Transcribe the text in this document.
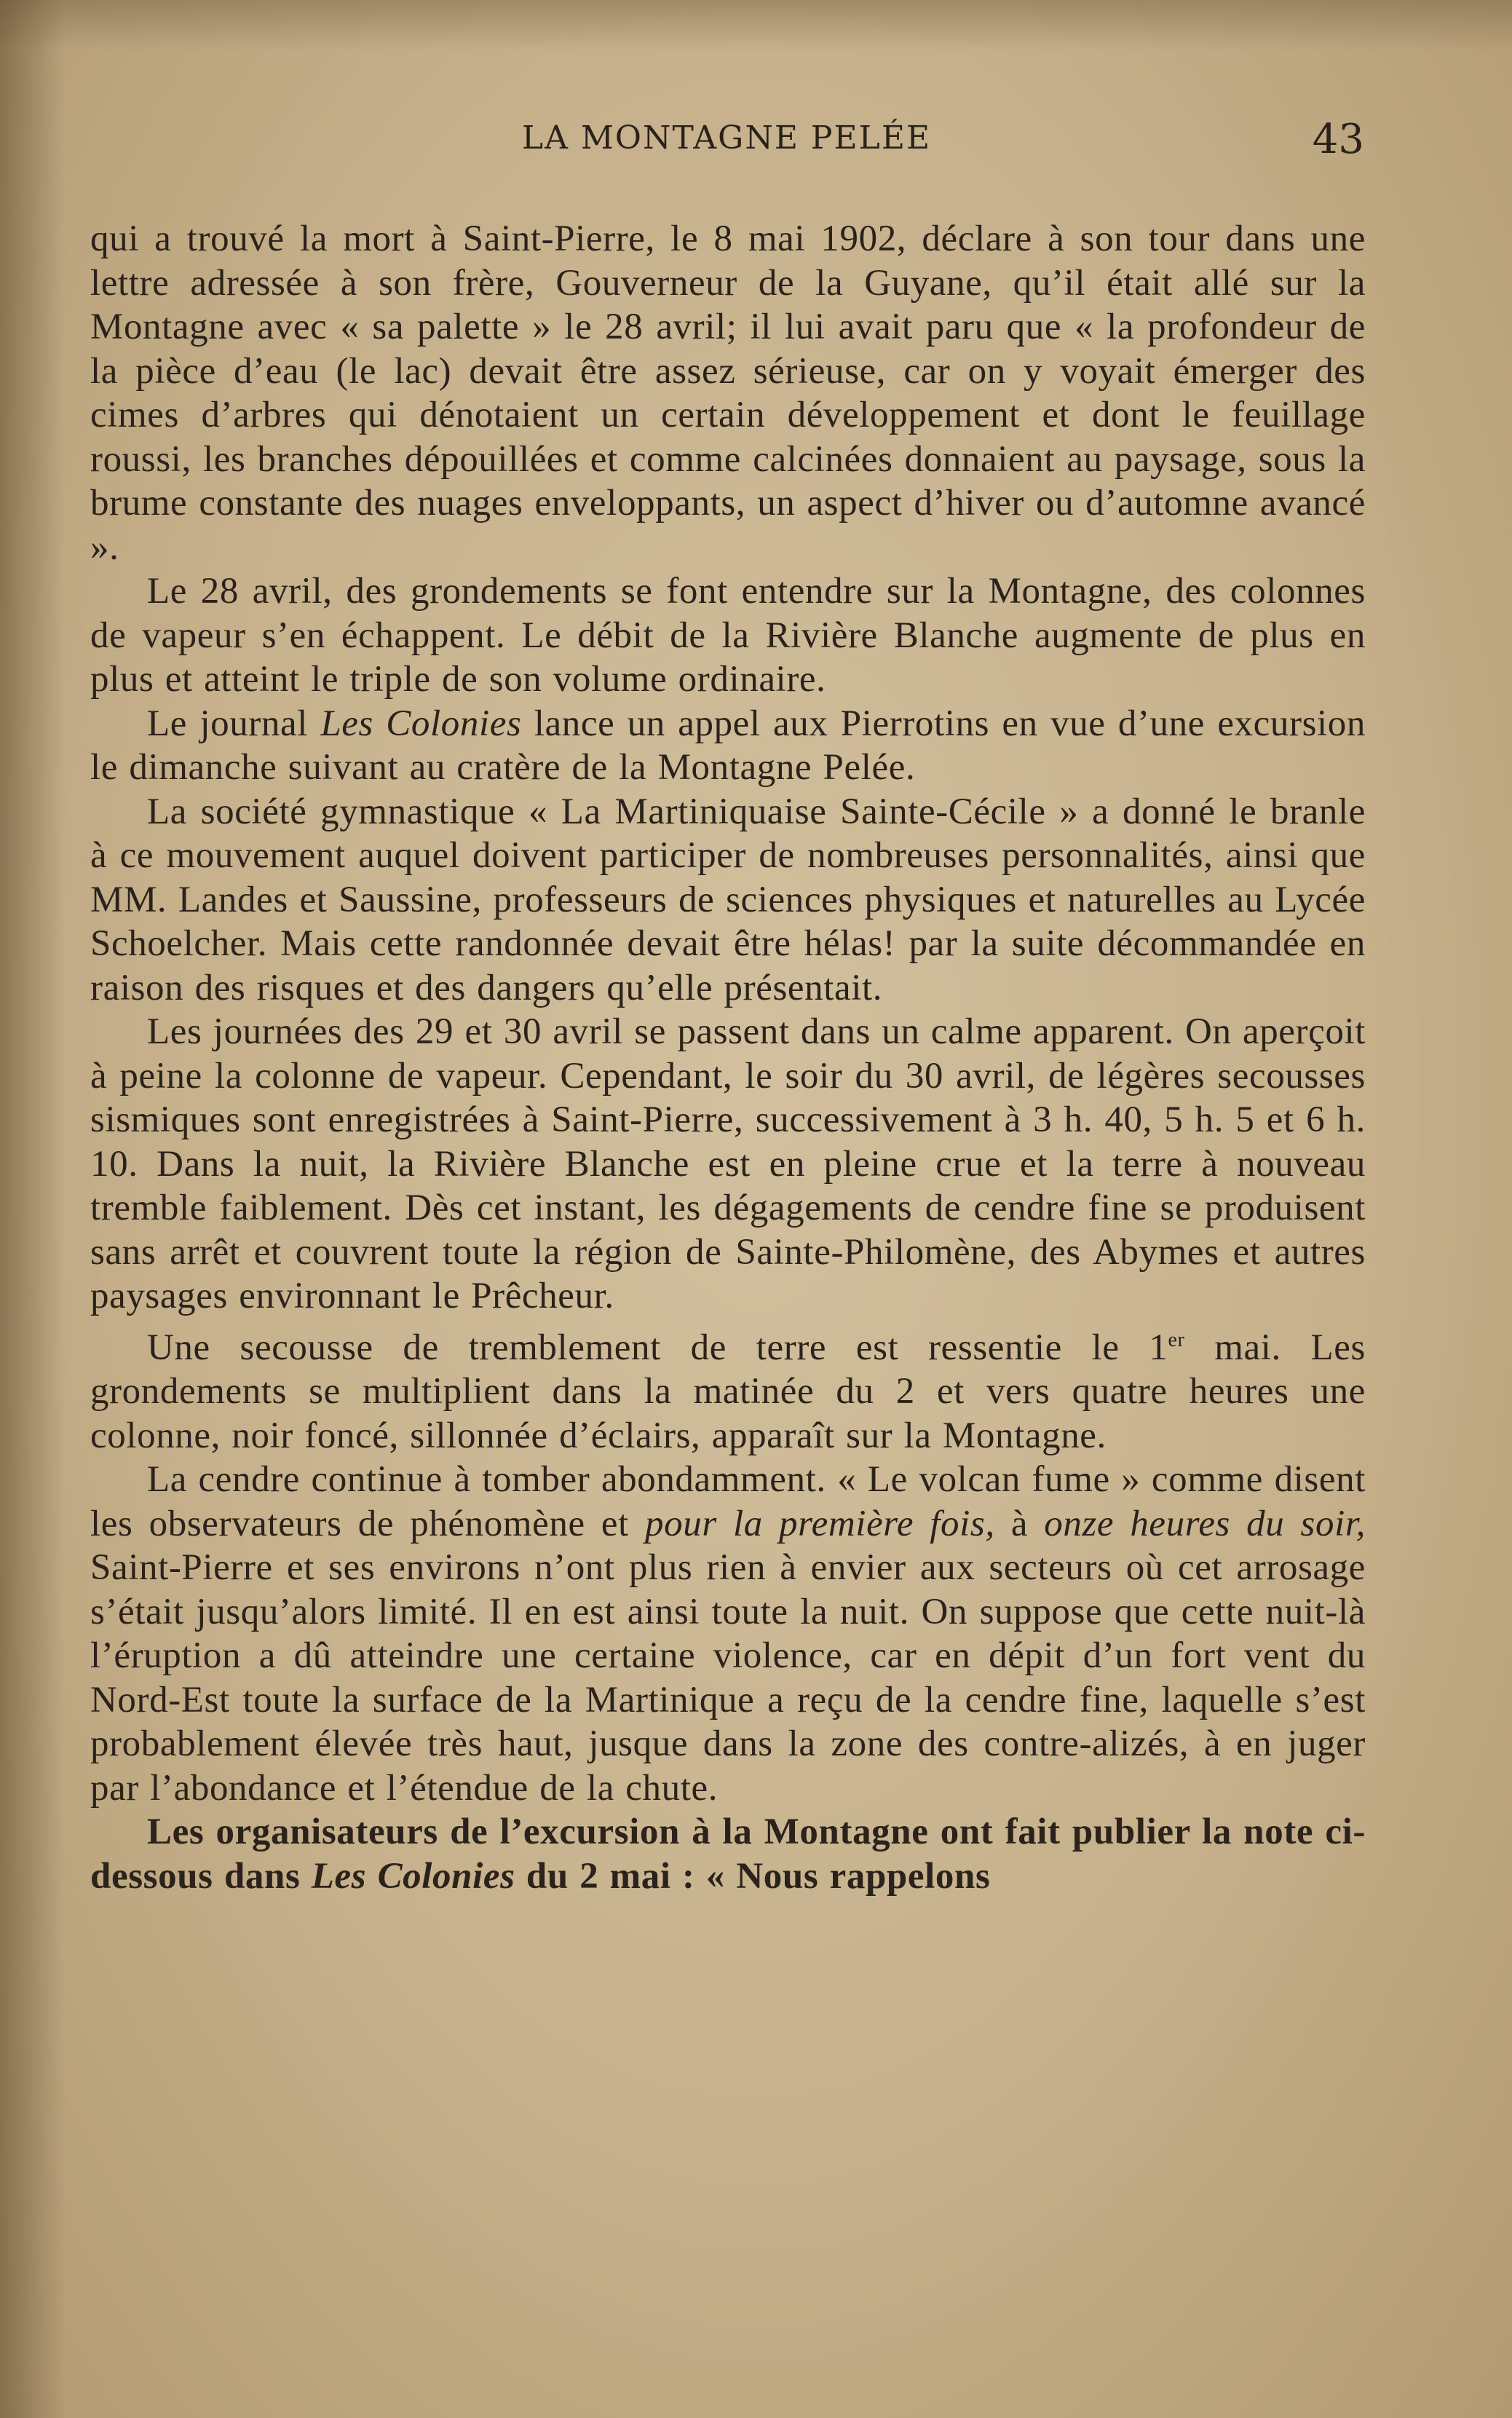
LA MONTAGNE PELÉE	43

qui a trouvé la mort à Saint-Pierre, le 8 mai 1902, déclare à son tour dans une lettre adressée à son frère, Gouverneur de la Guyane, qu’il était allé sur la Montagne avec « sa palette » le 28 avril; il lui avait paru que « la profondeur de la pièce d’eau (le lac) devait être assez sérieuse, car on y voyait émerger des cimes d’arbres qui dénotaient un certain développement et dont le feuillage roussi, les branches dépouillées et comme calcinées donnaient au paysage, sous la brume constante des nuages enveloppants, un aspect d’hiver ou d’automne avancé ».

Le 28 avril, des grondements se font entendre sur la Montagne, des colonnes de vapeur s’en échappent. Le débit de la Rivière Blanche augmente de plus en plus et atteint le triple de son volume ordinaire.

Le journal Les Colonies lance un appel aux Pierrotins en vue d’une excursion le dimanche suivant au cratère de la Montagne Pelée.

La société gymnastique « La Martiniquaise Sainte-Cécile » a donné le branle à ce mouvement auquel doivent participer de nombreuses personnalités, ainsi que MM. Landes et Saussine, professeurs de sciences physiques et naturelles au Lycée Schoelcher. Mais cette randonnée devait être hélas! par la suite décommandée en raison des risques et des dangers qu’elle présentait.

Les journées des 29 et 30 avril se passent dans un calme apparent. On aperçoit à peine la colonne de vapeur. Cependant, le soir du 30 avril, de légères secousses sismiques sont enregistrées à Saint-Pierre, successivement à 3 h. 40, 5 h. 5 et 6 h. 10. Dans la nuit, la Rivière Blanche est en pleine crue et la terre à nouveau tremble faiblement. Dès cet instant, les dégagements de cendre fine se produisent sans arrêt et couvrent toute la région de Sainte-Philomène, des Abymes et autres paysages environnant le Prêcheur.

Une secousse de tremblement de terre est ressentie le 1er mai. Les grondements se multiplient dans la matinée du 2 et vers quatre heures une colonne, noir foncé, sillonnée d’éclairs, apparaît sur la Montagne.

La cendre continue à tomber abondamment. « Le volcan fume » comme disent les observateurs de phénomène et pour la première fois, à onze heures du soir, Saint-Pierre et ses environs n’ont plus rien à envier aux secteurs où cet arrosage s’était jusqu’alors limité. Il en est ainsi toute la nuit. On suppose que cette nuit-là l’éruption a dû atteindre une certaine violence, car en dépit d’un fort vent du Nord-Est toute la surface de la Martinique a reçu de la cendre fine, laquelle s’est probablement élevée très haut, jusque dans la zone des contre-alizés, à en juger par l’abondance et l’étendue de la chute.

Les organisateurs de l’excursion à la Montagne ont fait publier la note ci-dessous dans Les Colonies du 2 mai : « Nous rappelons
